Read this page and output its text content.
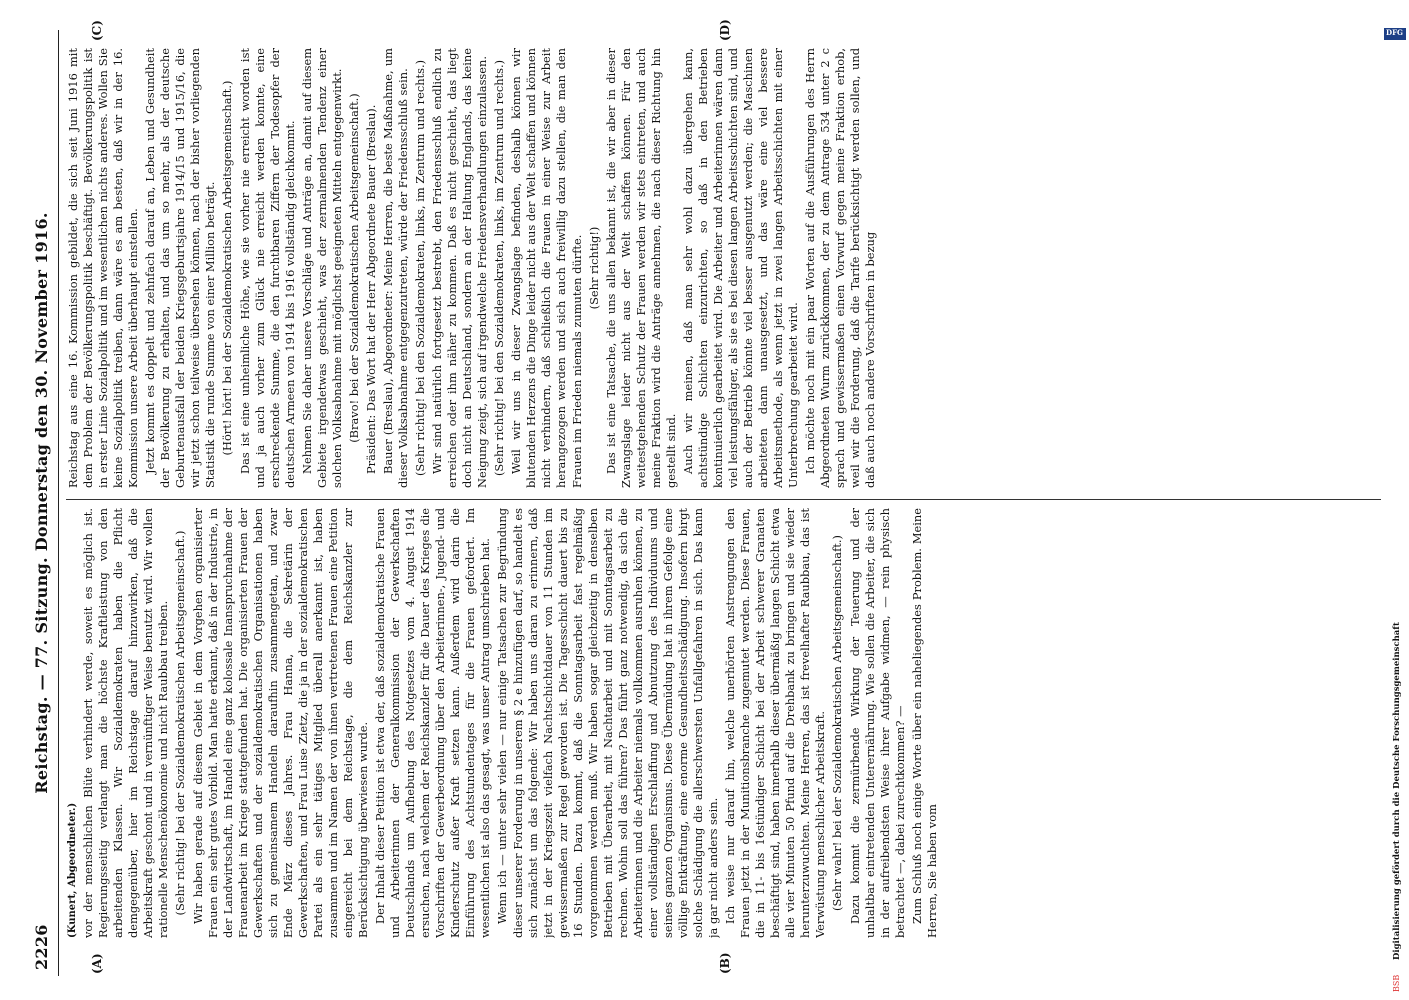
2226
Reichstag. — 77. Sitzung. Donnerstag den 30. November 1916.
(A)	(B)
(C)	(D)

(Kunert, Abgeordneter.) vor der menschlichen Blüte verhindert werde, soweit es möglich ist. Regierungsseitig verlangt man die höchste Kraftleistung von den arbeitenden Klassen. Wir Sozialdemokraten haben die Pflicht demgegenüber, hier im Reichstage darauf hinzuwirken, daß die Arbeitskraft geschont und in vernünftiger Weise benutzt wird. Wir wollen rationelle Menschenökonomie und nicht Raubbau treiben. (Sehr richtig! bei der Sozialdemokratischen Arbeitsgemeinschaft.) Wir haben gerade auf diesem Gebiet in dem Vorgehen organisierter Frauen ein sehr gutes Vorbild. Man hatte erkannt, daß in der Industrie, in der Landwirtschaft, im Handel eine ganz kolossale Inanspruchnahme der Frauenarbeit im Kriege stattgefunden hat. Die organisierten Frauen der Gewerkschaften und der sozialdemokratischen Organisationen haben sich zu gemeinsamem Handeln daraufhin zusammengetan, und zwar Ende März dieses Jahres. Frau Hanna, die Sekretärin der Gewerkschaften, und Frau Luise Zietz, die ja in der sozialdemokratischen Partei als ein sehr tätiges Mitglied überall anerkannt ist, haben zusammen und im Namen der von ihnen vertretenen Frauen eine Petition eingereicht bei dem Reichstage, die dem Reichskanzler zur Berücksichtigung überwiesen wurde. Der Inhalt dieser Petition ist etwa der, daß sozialdemokratische Frauen und Arbeiterinnen der Generalkommission der Gewerkschaften Deutschlands um Aufhebung des Notgesetzes vom 4. August 1914 ersuchen, nach welchem der Reichskanzler für die Dauer des Krieges die Vorschriften der Gewerbeordnung über den Arbeiterinnen-, Jugend- und Kinderschutz außer Kraft setzen kann. Außerdem wird darin die Einführung des Achtstundentages für die Frauen gefordert. Im wesentlichen ist also das gesagt, was unser Antrag umschrieben hat. Wenn ich — unter sehr vielen — nur einige Tatsachen zur Begründung dieser unserer Forderung in unserem § 2 e hinzufügen darf, so handelt es sich zunächst um das folgende: Wir haben uns daran zu erinnern, daß jetzt in der Kriegszeit vielfach Nachtschichtdauer von 11 Stunden im gewissermaßen zur Regel geworden ist. Die Tagesschicht dauert bis zu 16 Stunden. Dazu kommt, daß die Sonntagsarbeit fast regelmäßig vorgenommen werden muß. Wir haben sogar gleichzeitig in denselben Betrieben mit Überarbeit, mit Nachtarbeit und mit Sonntagsarbeit zu rechnen. Wohin soll das führen? Das führt ganz notwendig, da sich die Arbeiterinnen und die Arbeiter niemals vollkommen ausruhen können, zu einer vollständigen Erschlaffung und Abnutzung des Individuums und seines ganzen Organismus. Diese Übermüdung hat in ihrem Gefolge eine völlige Entkräftung, eine enorme Gesundheitsschädigung. Insofern birgt solche Schädigung die allerschwersten Unfallgefahren in sich. Das kann ja gar nicht anders sein. Ich weise nur darauf hin, welche unerhörten Anstrengungen den Frauen jetzt in der Munitionsbranche zugemutet werden. Diese Frauen, die in 11- bis 16stündiger Schicht bei der Arbeit schwerer Granaten beschäftigt sind, haben innerhalb dieser übermäßig langen Schicht etwa alle vier Minuten 50 Pfund auf die Drehbank zu bringen und sie wieder herunterzuwuchten. Meine Herren, das ist frevelhafter Raubbau, das ist Verwüstung menschlicher Arbeitskraft. (Sehr wahr! bei der Sozialdemokratischen Arbeitsgemeinschaft.) Dazu kommt die zermürbende Wirkung der Teuerung und der unhaltbar eintretenden Unterernährung. Wie sollen die Arbeiter, die sich in der aufreibendsten Weise ihrer Aufgabe widmen, — rein physisch betrachtet —, dabei zurechtkommen? — Zum Schluß noch einige Worte über ein naheliegendes Problem. Meine Herren, Sie haben vom

Reichstag aus eine 16. Kommission gebildet, die sich seit Juni 1916 mit dem Problem der Bevölkerungspolitik beschäftigt. Bevölkerungspolitik ist in erster Linie Sozialpolitik und im wesentlichen nichts anderes. Wollen Sie keine Sozialpolitik treiben, dann wäre es am besten, daß wir in der 16. Kommission unsere Arbeit überhaupt einstellen. Jetzt kommt es doppelt und zehnfach darauf an, Leben und Gesundheit der Bevölkerung zu erhalten, und das um so mehr, als der deutsche Geburtenausfall der beiden Kriegsgeburtsjahre 1914/15 und 1915/16, die wir jetzt schon teilweise übersehen können, nach der bisher vorliegenden Statistik die runde Summe von einer Million beträgt. (Hört! hört! bei der Sozialdemokratischen Arbeitsgemeinschaft.) Das ist eine unheimliche Höhe, wie sie vorher nie erreicht worden ist und ja auch vorher zum Glück nie erreicht werden konnte, eine erschreckende Summe, die den furchtbaren Ziffern der Todesopfer der deutschen Armeen von 1914 bis 1916 vollständig gleichkommt. Nehmen Sie daher unsere Vorschläge und Anträge an, damit auf diesem Gebiete irgendetwas geschieht, was der zermalmenden Tendenz einer solchen Volksabnahme mit möglichst geeigneten Mitteln entgegenwirkt. (Bravo! bei der Sozialdemokratischen Arbeitsgemeinschaft.) Präsident: Das Wort hat der Herr Abgeordnete Bauer (Breslau). Bauer (Breslau), Abgeordneter: Meine Herren, die beste Maßnahme, um dieser Volksabnahme entgegenzutreten, würde der Friedensschluß sein. (Sehr richtig! bei den Sozialdemokraten, links, im Zentrum und rechts.) Wir sind natürlich fortgesetzt bestrebt, den Friedensschluß endlich zu erreichen oder ihm näher zu kommen. Daß es nicht geschieht, das liegt doch nicht an Deutschland, sondern an der Haltung Englands, das keine Neigung zeigt, sich auf irgendwelche Friedensverhandlungen einzulassen. (Sehr richtig! bei den Sozialdemokraten, links, im Zentrum und rechts.) Weil wir uns in dieser Zwangslage befinden, deshalb können wir blutenden Herzens die Dinge leider nicht aus der Welt schaffen und können nicht verhindern, daß schließlich die Frauen in einer Weise zur Arbeit herangezogen werden und sich auch freiwillig dazu stellen, die man den Frauen im Frieden niemals zumuten dürfte. (Sehr richtig!) Das ist eine Tatsache, die uns allen bekannt ist, die wir aber in dieser Zwangslage leider nicht aus der Welt schaffen können. Für den weitestgehenden Schutz der Frauen werden wir stets eintreten, und auch meine Fraktion wird die Anträge annehmen, die nach dieser Richtung hin gestellt sind. Auch wir meinen, daß man sehr wohl dazu übergehen kann, achtstündige Schichten einzurichten, so daß in den Betrieben kontinuierlich gearbeitet wird. Die Arbeiter und Arbeiterinnen wären dann viel leistungsfähiger, als sie es bei diesen langen Arbeitsschichten sind, und auch der Betrieb könnte viel besser ausgenutzt werden; die Maschinen arbeiteten dann unausgesetzt, und das wäre eine viel bessere Arbeitsmethode, als wenn jetzt in zwei langen Arbeitsschichten mit einer Unterbrechung gearbeitet wird. Ich möchte noch mit ein paar Worten auf die Ausführungen des Herrn Abgeordneten Wurm zurückkommen, der zu dem Antrage 534 unter 2 c sprach und gewissermaßen einen Vorwurf gegen meine Fraktion erhob, weil wir die Forderung, daß die Tarife berücksichtigt werden sollen, und daß auch noch andere Vorschriften in bezug

BSB
Digitalisierung gefördert durch die Deutsche Forschungsgemeinschaft
DFG
